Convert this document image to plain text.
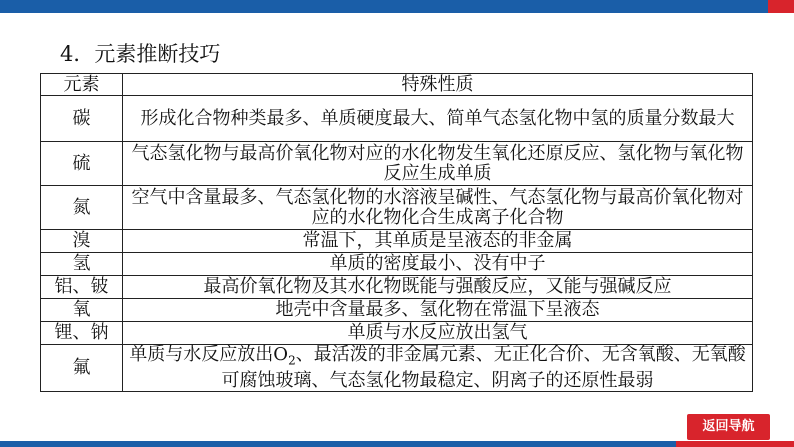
4．元素推断技巧
元素	特殊性质
碳	形成化合物种类最多、单质硬度最大、简单气态氢化物中氢的质量分数最大
硫	气态氢化物与最高价氧化物对应的水化物发生氧化还原反应、氢化物与氧化物反应生成单质
氮	空气中含量最多、气态氢化物的水溶液呈碱性、气态氢化物与最高价氧化物对应的水化物化合生成离子化合物
溴	常温下，其单质是呈液态的非金属
氢	单质的密度最小、没有中子
铝、铍	最高价氧化物及其水化物既能与强酸反应，又能与强碱反应
氧	地壳中含量最多、氢化物在常温下呈液态
锂、钠	单质与水反应放出氢气
氟	单质与水反应放出$O_2$、最活泼的非金属元素、无正化合价、无含氧酸、无氧酸可腐蚀玻璃、气态氢化物最稳定、阴离子的还原性最弱
返回导航
